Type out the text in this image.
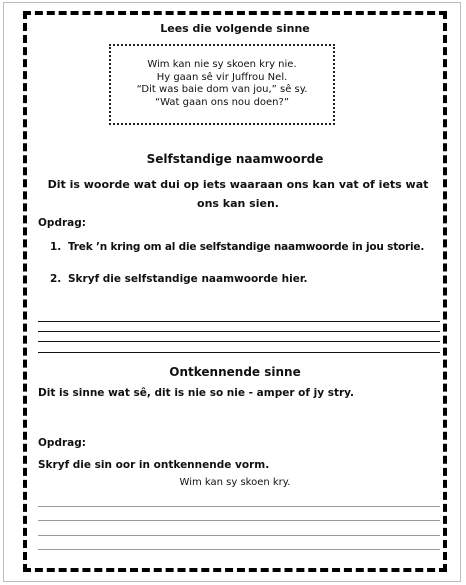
Lees die volgende sinne

Wim kan nie sy skoen kry nie.

Hy gaan sê vir Juffrou Nel.

“Dit was baie dom van jou,” sê sy.

“Wat gaan ons nou doen?”

Selfstandige naamwoorde

Dit is woorde wat dui op iets waaraan ons kan vat of iets wat ons kan sien.

Opdrag:

1. Trek ’n kring om al die selfstandige naamwoorde in jou storie.

2. Skryf die selfstandige naamwoorde hier.

Ontkennende sinne

Dit is sinne wat sê, dit is nie so nie - amper of jy stry.

Opdrag:

Skryf die sin oor in ontkennende vorm.

Wim kan sy skoen kry.
